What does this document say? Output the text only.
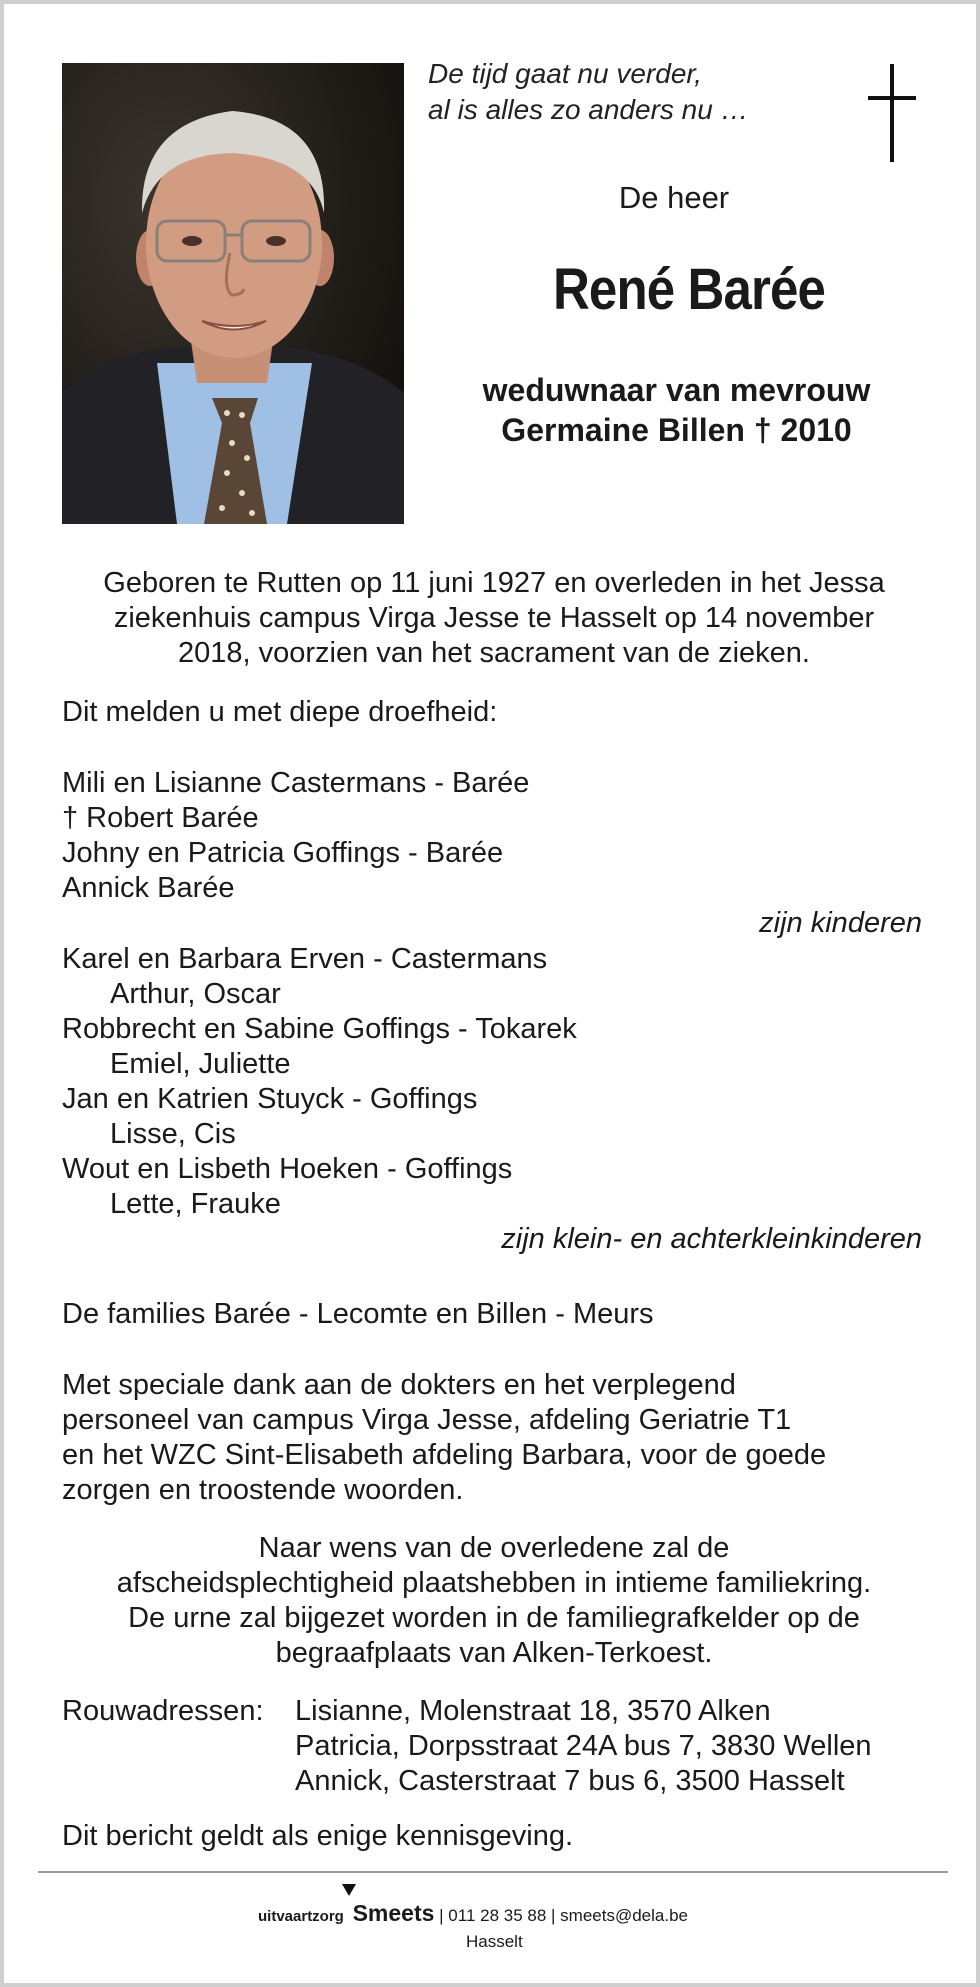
De tijd gaat nu verder,
al is alles zo anders nu …
De heer
René Barée
weduwnaar van mevrouw
Germaine Billen † 2010
Geboren te Rutten op 11 juni 1927 en overleden in het Jessa
ziekenhuis campus Virga Jesse te Hasselt op 14 november
2018, voorzien van het sacrament van de zieken.
Dit melden u met diepe droefheid:
Mili en Lisianne Castermans - Barée
† Robert Barée
Johny en Patricia Goffings - Barée
Annick Barée
zijn kinderen
Karel en Barbara Erven - Castermans
Arthur, Oscar
Robbrecht en Sabine Goffings - Tokarek
Emiel, Juliette
Jan en Katrien Stuyck - Goffings
Lisse, Cis
Wout en Lisbeth Hoeken - Goffings
Lette, Frauke
zijn klein- en achterkleinkinderen
De families Barée - Lecomte en Billen - Meurs
Met speciale dank aan de dokters en het verplegend
personeel van campus Virga Jesse, afdeling Geriatrie T1
en het WZC Sint-Elisabeth afdeling Barbara, voor de goede
zorgen en troostende woorden.
Naar wens van de overledene zal de
afscheidsplechtigheid plaatshebben in intieme familiekring.
De urne zal bijgezet worden in de familiegrafkelder op de
begraafplaats van Alken-Terkoest.
Rouwadressen: Lisianne, Molenstraat 18, 3570 Alken
Patricia, Dorpsstraat 24A bus 7, 3830 Wellen
Annick, Casterstraat 7 bus 6, 3500 Hasselt
Dit bericht geldt als enige kennisgeving.
uitvaartzorg Smeets | 011 28 35 88 | smeets@dela.be
Hasselt
